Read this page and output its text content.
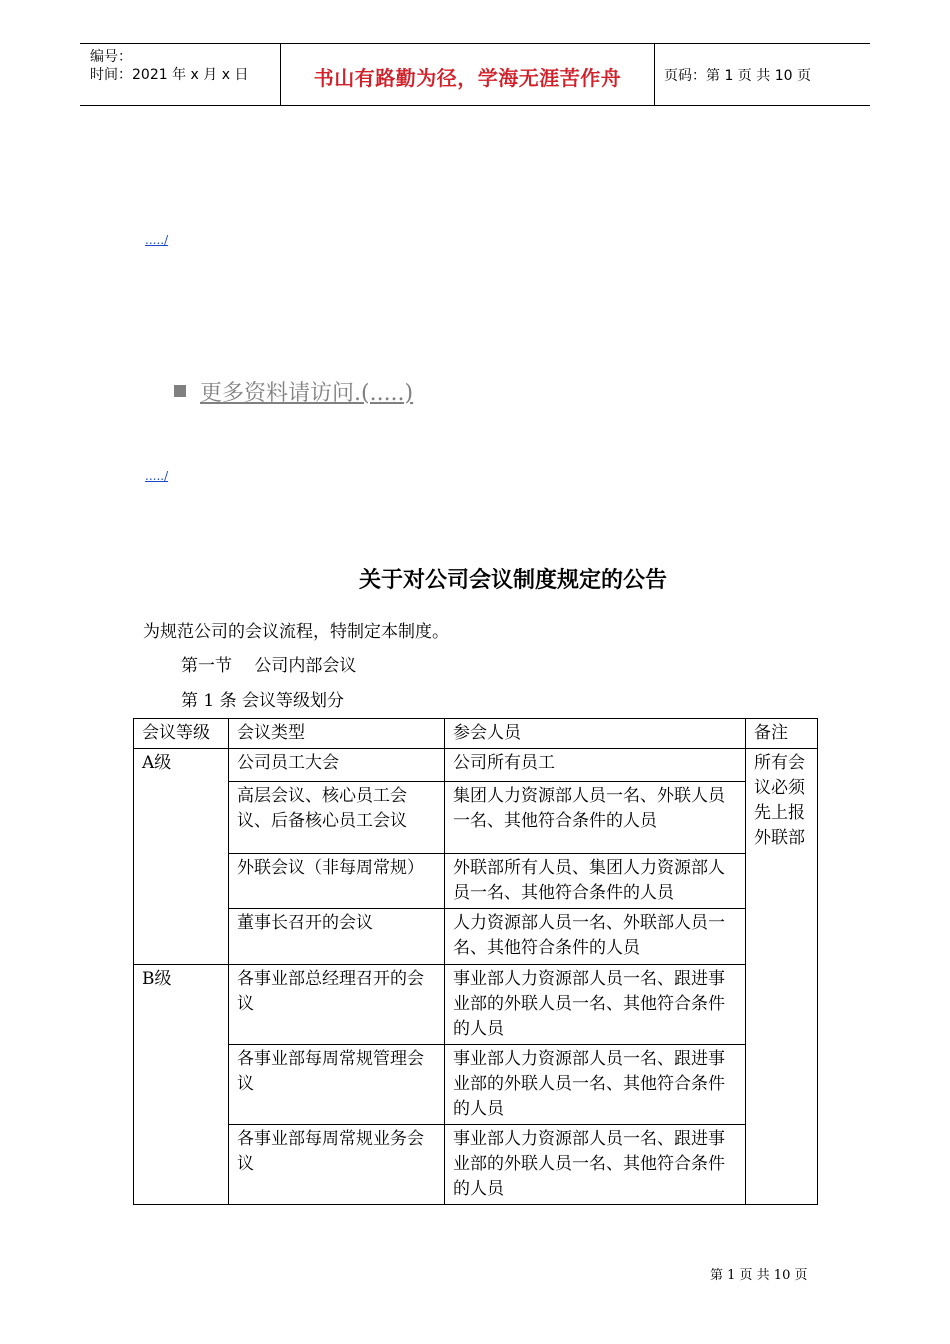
编号：
时间：2021 年 x 月 x 日	书山有路勤为径，学海无涯苦作舟	页码：第 1 页 共 10 页
...../
更多资料请访问.(.....)
...../
关于对公司会议制度规定的公告
为规范公司的会议流程，特制定本制度。
第一节　 公司内部会议
第 1 条 会议等级划分
会议等级	会议类型	参会人员	备注
A级	公司员工大会	公司所有员工	所有会议必须先上报外联部
	高层会议、核心员工会议、后备核心员工会议	集团人力资源部人员一名、外联人员一名、其他符合条件的人员	
	外联会议（非每周常规）	外联部所有人员、集团人力资源部人员一名、其他符合条件的人员	
	董事长召开的会议	人力资源部人员一名、外联部人员一名、其他符合条件的人员	
B级	各事业部总经理召开的会议	事业部人力资源部人员一名、跟进事业部的外联人员一名、其他符合条件的人员	
	各事业部每周常规管理会议	事业部人力资源部人员一名、跟进事业部的外联人员一名、其他符合条件的人员	
	各事业部每周常规业务会议	事业部人力资源部人员一名、跟进事业部的外联人员一名、其他符合条件的人员	
第 1 页 共 10 页
